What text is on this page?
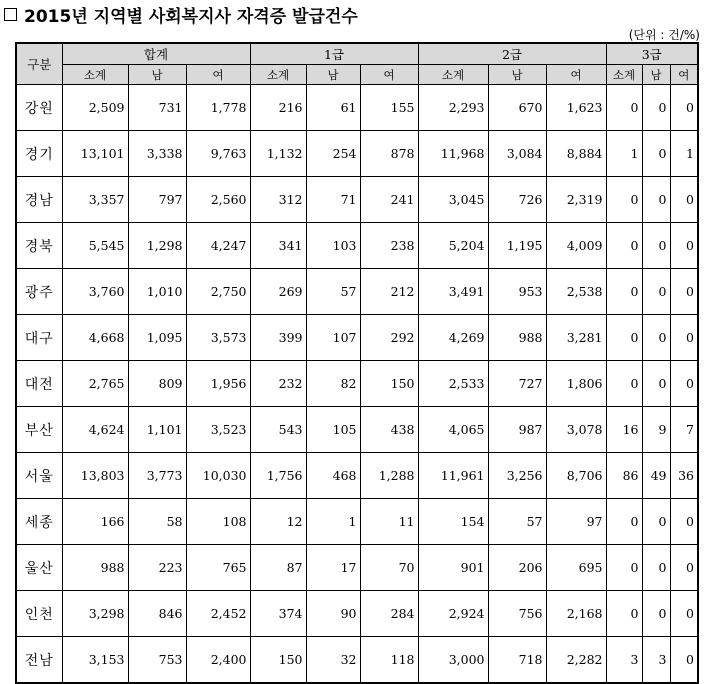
2015년 지역별 사회복지사 자격증 발급건수
(단위 : 건/%)
구분	합계			1급			2급			3급		
	소계	남	여	소계	남	여	소계	남	여	소계	남	여
강원	2,509	731	1,778	216	61	155	2,293	670	1,623	0	0	0
경기	13,101	3,338	9,763	1,132	254	878	11,968	3,084	8,884	1	0	1
경남	3,357	797	2,560	312	71	241	3,045	726	2,319	0	0	0
경북	5,545	1,298	4,247	341	103	238	5,204	1,195	4,009	0	0	0
광주	3,760	1,010	2,750	269	57	212	3,491	953	2,538	0	0	0
대구	4,668	1,095	3,573	399	107	292	4,269	988	3,281	0	0	0
대전	2,765	809	1,956	232	82	150	2,533	727	1,806	0	0	0
부산	4,624	1,101	3,523	543	105	438	4,065	987	3,078	16	9	7
서울	13,803	3,773	10,030	1,756	468	1,288	11,961	3,256	8,706	86	49	36
세종	166	58	108	12	1	11	154	57	97	0	0	0
울산	988	223	765	87	17	70	901	206	695	0	0	0
인천	3,298	846	2,452	374	90	284	2,924	756	2,168	0	0	0
전남	3,153	753	2,400	150	32	118	3,000	718	2,282	3	3	0
